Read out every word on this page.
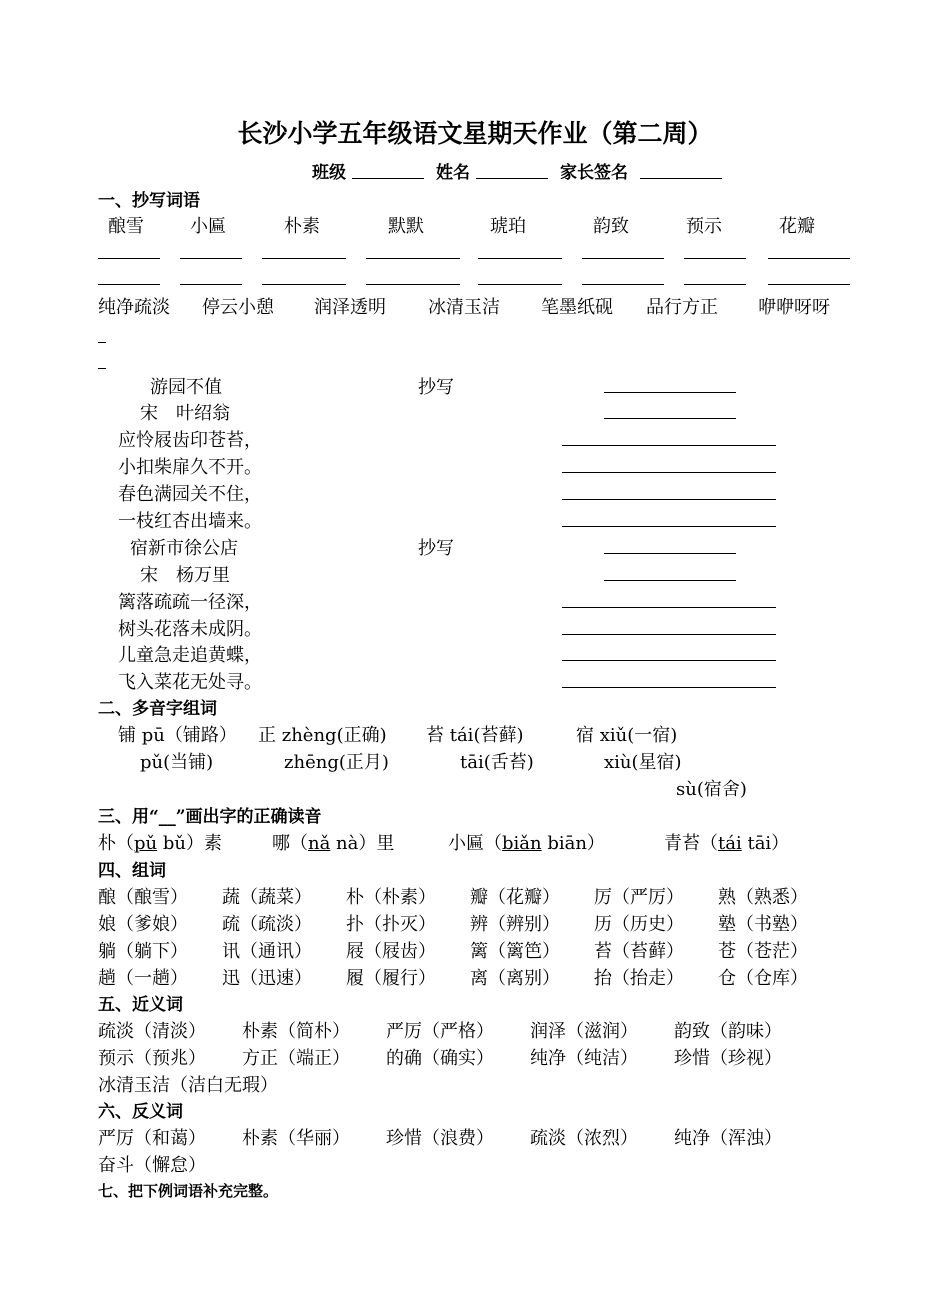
长沙小学五年级语文星期天作业（第二周）
班级	姓名	家长签名
一、抄写词语
酿雪	小匾	朴素	默默	琥珀	韵致	预示	花瓣
纯净疏淡 停云小憩 润泽透明 冰清玉洁 笔墨纸砚 品行方正 咿咿呀呀
游园不值	抄写
宋　叶绍翁
应怜屐齿印苍苔，
小扣柴扉久不开。
春色满园关不住，
一枝红杏出墙来。
宿新市徐公店	抄写
宋　杨万里
篱落疏疏一径深，
树头花落未成阴。
儿童急走追黄蝶，
飞入菜花无处寻。
二、多音字组词
铺 pū（铺路） 正 zhèng(正确) 苔 tái(苔藓)	宿 xiǔ(一宿)
pǔ(当铺)	zhēng(正月)	tāi(舌苔)	xiù(星宿)
sù(宿舍)
三、用“__”画出字的正确读音
朴（pǔ bǔ）素	哪（nǎ nà）里	小匾（biǎn biān）	青苔（tái tāi）
四、组词
酿（酿雪） 蔬（蔬菜） 朴（朴素） 瓣（花瓣） 厉（严厉） 熟（熟悉）
娘（爹娘） 疏（疏淡） 扑（扑灭） 辨（辨别） 历（历史） 塾（书塾）
躺（躺下） 讯（通讯） 屐（屐齿） 篱（篱笆） 苔（苔藓） 苍（苍茫）
趟（一趟） 迅（迅速） 履（履行） 离（离别） 抬（抬走） 仓（仓库）
五、近义词
疏淡（清淡） 朴素（简朴） 严厉（严格） 润泽（滋润） 韵致（韵味）
预示（预兆） 方正（端正） 的确（确实） 纯净（纯洁） 珍惜（珍视）
冰清玉洁（洁白无瑕）
六、反义词
严厉（和蔼） 朴素（华丽） 珍惜（浪费） 疏淡（浓烈） 纯净（浑浊）
奋斗（懈怠）
七、把下例词语补充完整。
